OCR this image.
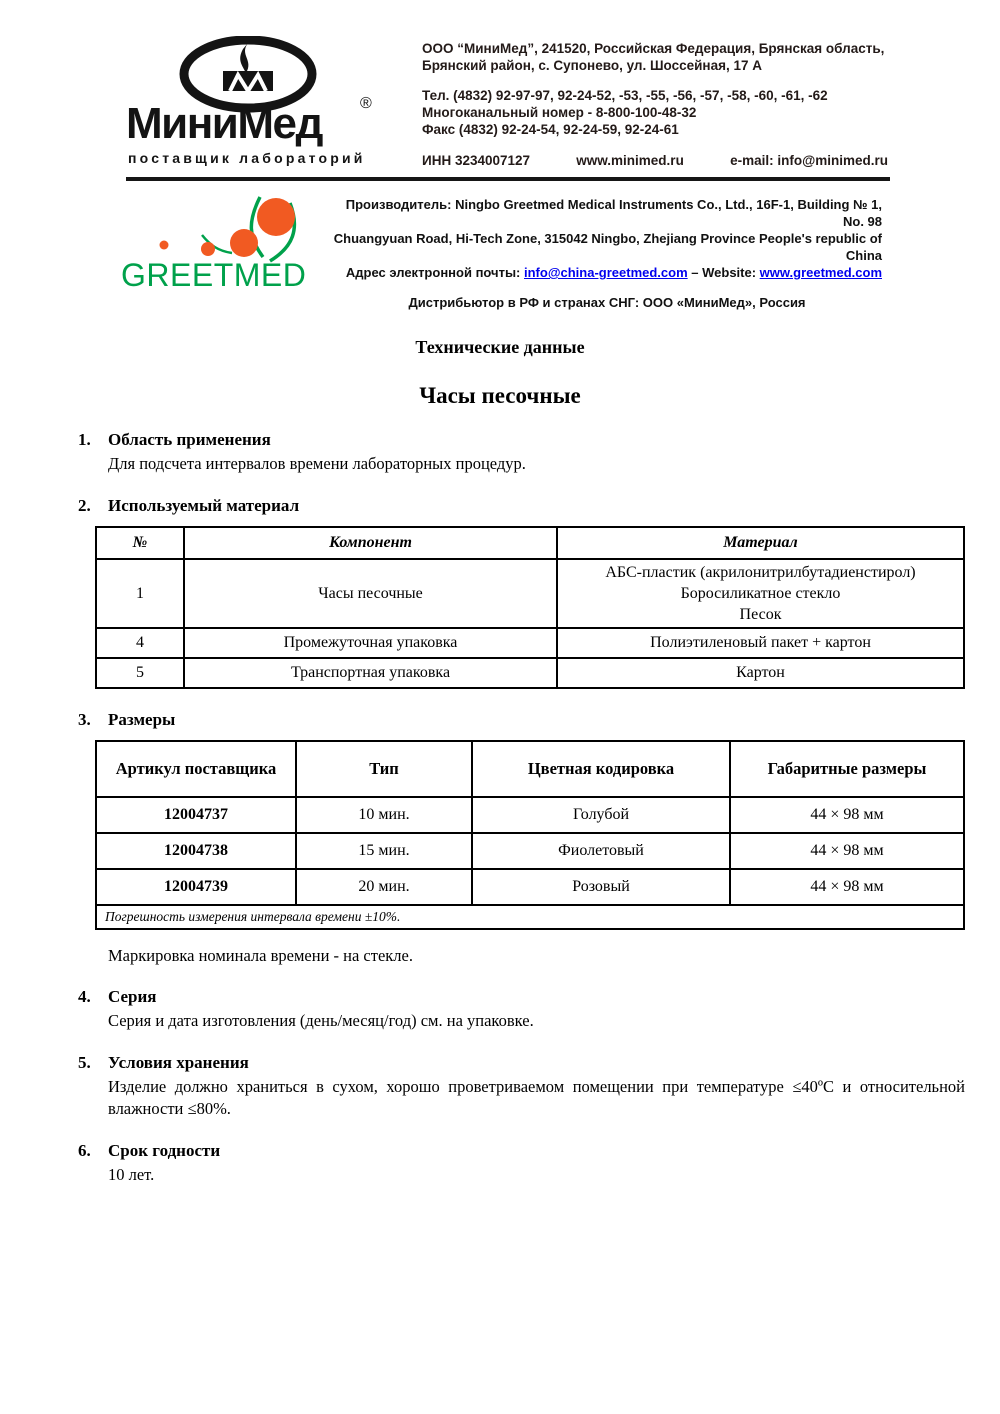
МиниМед ®
поставщик лабораторий
ООО “МиниМед”, 241520, Российская Федерация, Брянская область,
Брянский район, с. Супонево, ул. Шоссейная, 17 А
Тел. (4832) 92-97-97, 92-24-52, -53, -55, -56, -57, -58, -60, -61, -62
Многоканальный номер - 8-800-100-48-32
Факс (4832) 92-24-54, 92-24-59, 92-24-61
ИНН 3234007127	www.minimed.ru	e-mail: info@minimed.ru
GREETMED
Производитель: Ningbo Greetmed Medical Instruments Co., Ltd., 16F-1, Building № 1, No. 98
Chuangyuan Road, Hi-Tech Zone, 315042 Ningbo, Zhejiang Province People's republic of China
Адрес электронной почты: info@china-greetmed.com – Website: www.greetmed.com
Дистрибьютор в РФ и странах СНГ: ООО «МиниМед», Россия
Технические данные
Часы песочные
1. Область применения
Для подсчета интервалов времени лабораторных процедур.
2. Используемый материал
№	Компонент	Материал
1	Часы песочные	АБС-пластик (акрилонитрилбутадиенстирол)
Боросиликатное стекло
Песок

4	Промежуточная упаковка	Полиэтиленовый пакет + картон
5	Транспортная упаковка	Картон
3. Размеры
Артикул поставщика	Тип	Цветная кодировка	Габаритные размеры
12004737	10 мин.	Голубой	44 × 98 мм
12004738	15 мин.	Фиолетовый	44 × 98 мм
12004739	20 мин.	Розовый	44 × 98 мм
Погрешность измерения интервала времени ±10%.			
Маркировка номинала времени - на стекле.
4. Серия
Серия и дата изготовления (день/месяц/год) см. на упаковке.
5. Условия хранения
Изделие должно храниться в сухом, хорошо проветриваемом помещении при температуре ≤40ºС и относительной влажности ≤80%.
6. Срок годности
10 лет.
